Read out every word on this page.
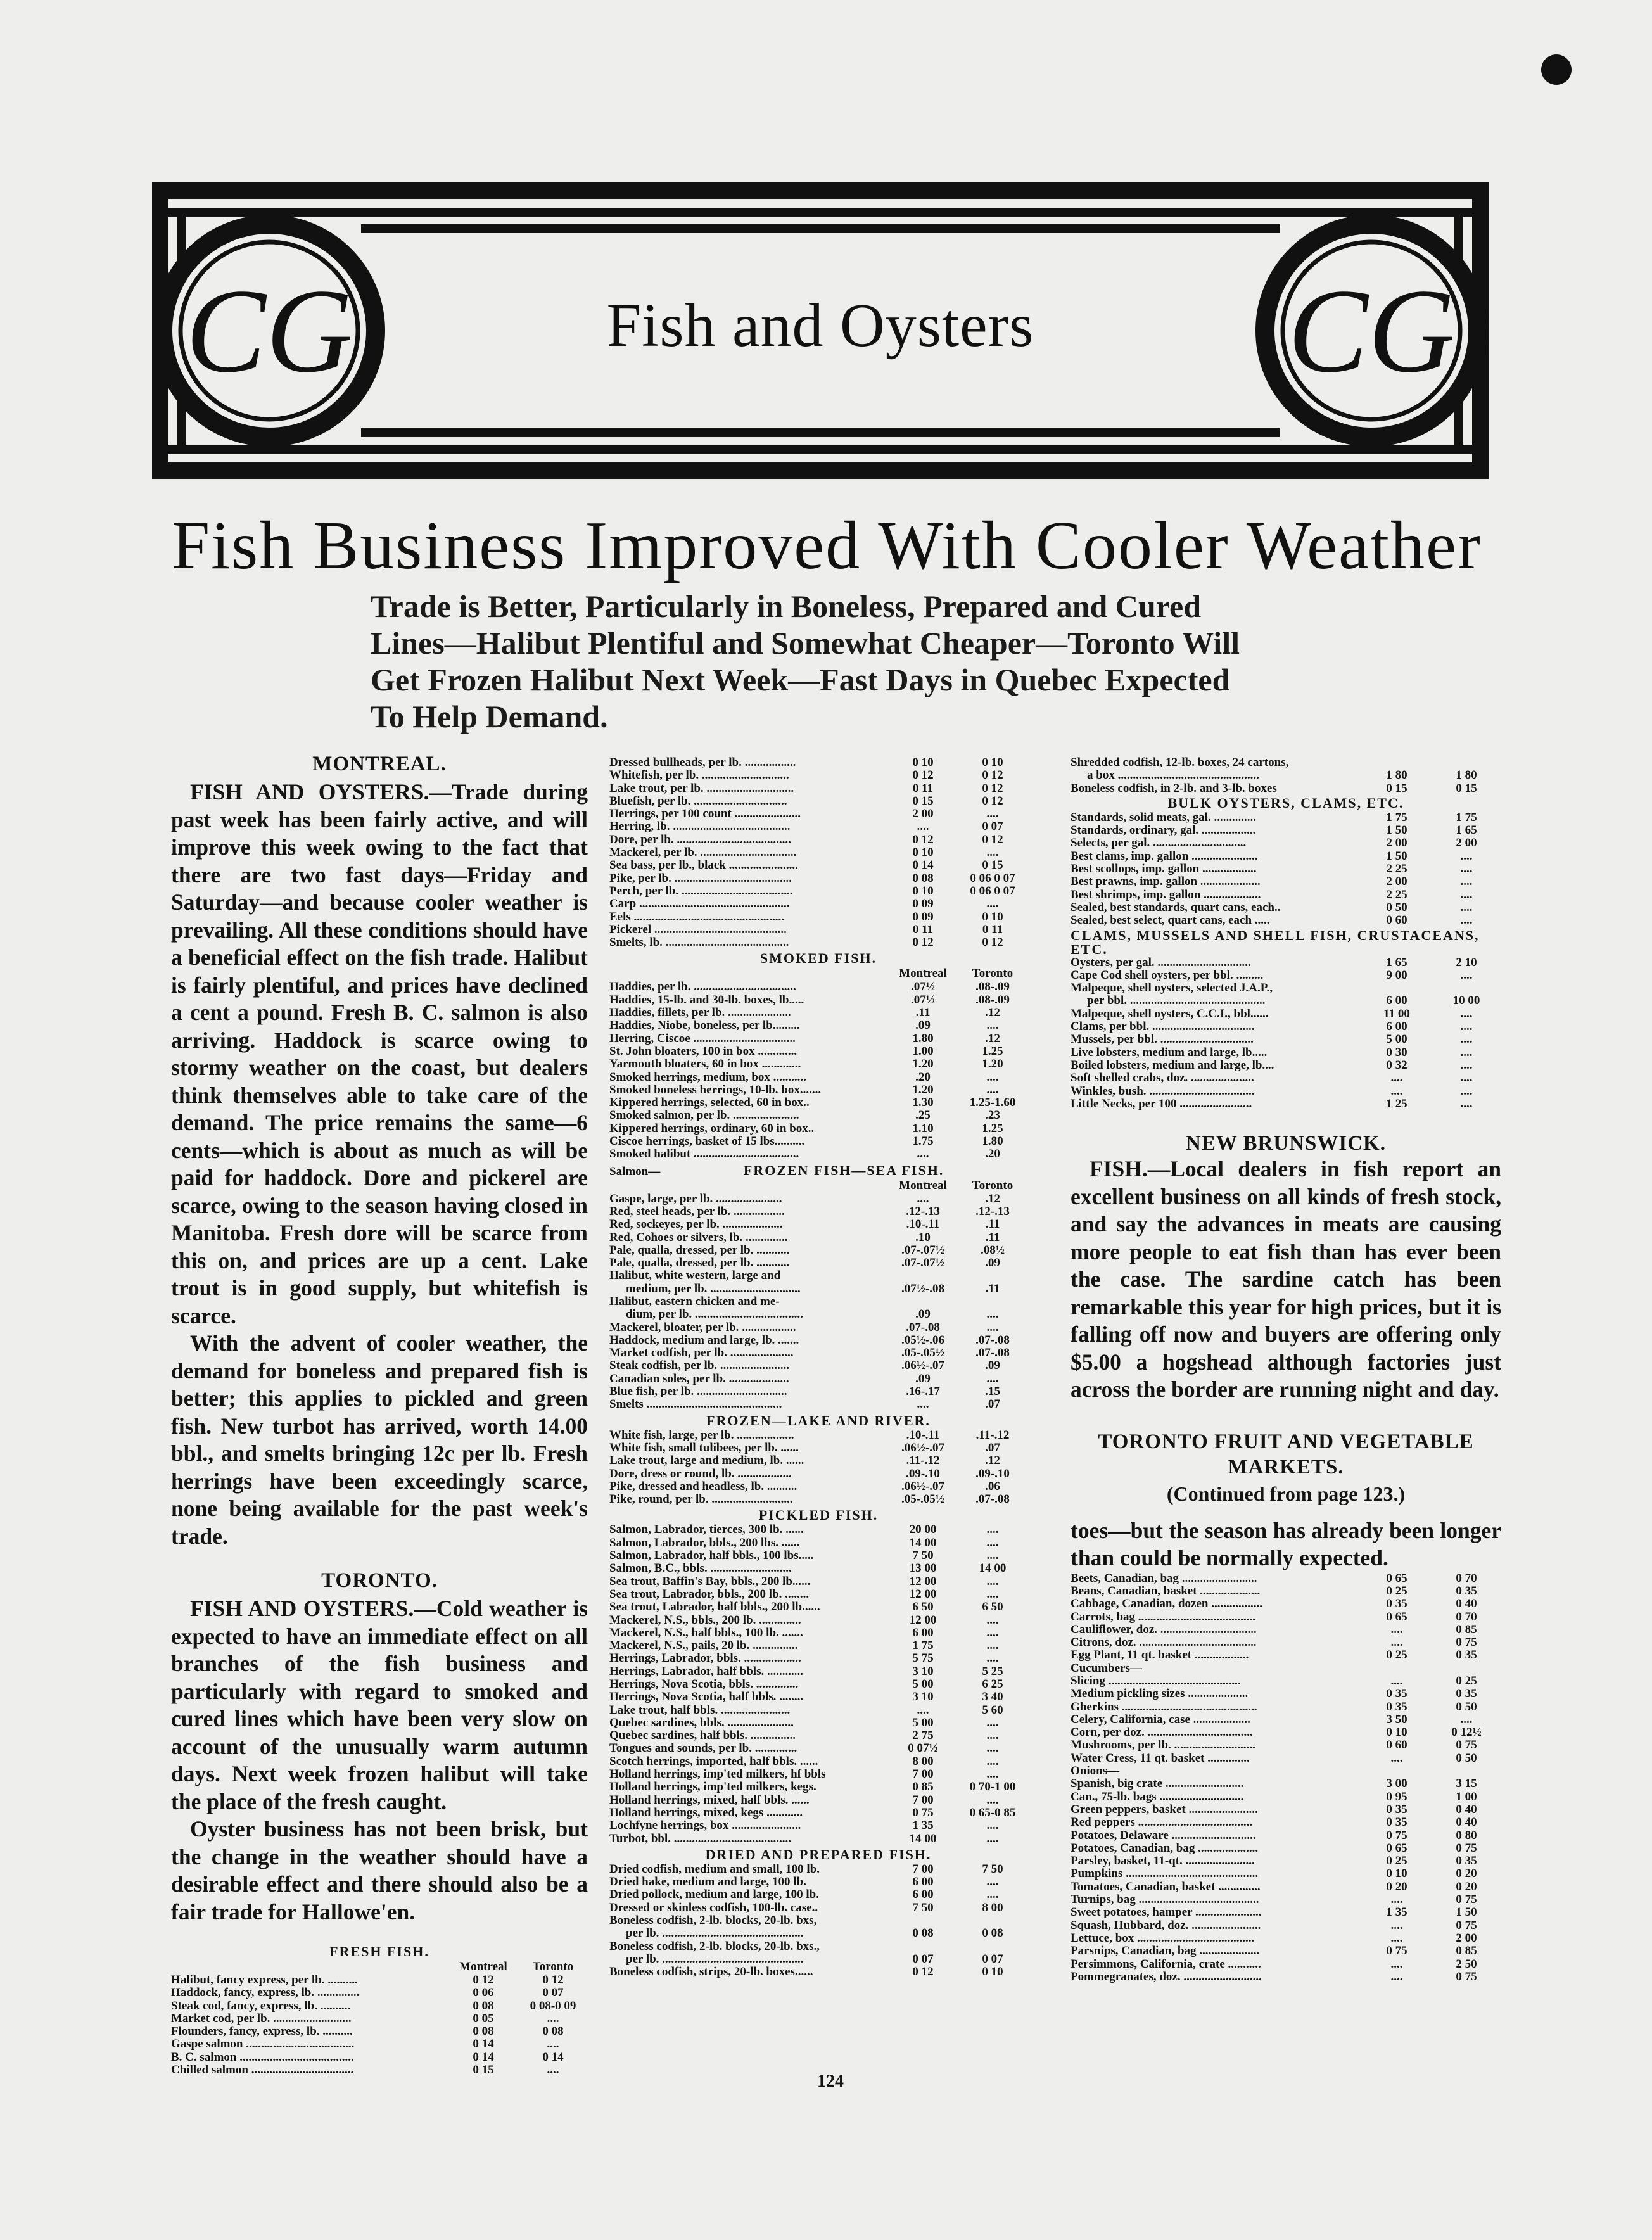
CG	CG
Fish and Oysters
Fish Business Improved With Cooler Weather
Trade is Better, Particularly in Boneless, Prepared and Cured
Lines—Halibut Plentiful and Somewhat Cheaper—Toronto Will
Get Frozen Halibut Next Week—Fast Days in Quebec Expected
To Help Demand.
MONTREAL.

FISH AND OYSTERS.—Trade during past week has been fairly active, and will improve this week owing to the fact that there are two fast days—Friday and Saturday—and because cooler weather is prevailing. All these conditions should have a beneficial effect on the fish trade. Halibut is fairly plentiful, and prices have declined a cent a pound. Fresh B. C. salmon is also arriving. Haddock is scarce owing to stormy weather on the coast, but dealers think themselves able to take care of the demand. The price remains the same—6 cents—which is about as much as will be paid for haddock. Dore and pickerel are scarce, owing to the season having closed in Manitoba. Fresh dore will be scarce from this on, and prices are up a cent. Lake trout is in good supply, but whitefish is scarce.

With the advent of cooler weather, the demand for boneless and prepared fish is better; this applies to pickled and green fish. New turbot has arrived, worth 14.00 bbl., and smelts bringing 12c per lb. Fresh herrings have been exceedingly scarce, none being available for the past week's trade.

TORONTO.

FISH AND OYSTERS.—Cold weather is expected to have an immediate effect on all branches of the fish business and particularly with regard to smoked and cured lines which have been very slow on account of the unusually warm autumn days. Next week frozen halibut will take the place of the fresh caught.

Oyster business has not been brisk, but the change in the weather should have a desirable effect and there should also be a fair trade for Hallowe'en.

FRESH FISH.
Montreal	Toronto
Halibut, fancy express, per lb. ..........	0 12	0 12
Haddock, fancy, express, lb. ..............	0 06	0 07
Steak cod, fancy, express, lb. ..........	0 08	0 08-0 09
Market cod, per lb. ..........................	0 05	....
Flounders, fancy, express, lb. ..........	0 08	0 08
Gaspe salmon ....................................	0 14	....
B. C. salmon ......................................	0 14	0 14
Chilled salmon ..................................	0 15	....
Dressed bullheads, per lb. .................	0 10	0 10
Whitefish, per lb. .............................	0 12	0 12
Lake trout, per lb. .............................	0 11	0 12
Bluefish, per lb. ...............................	0 15	0 12
Herrings, per 100 count ......................	2 00	....
Herring, lb. .......................................	....	0 07
Dore, per lb. ......................................	0 12	0 12
Mackerel, per lb. ................................	0 10	....
Sea bass, per lb., black .......................	0 14	0 15
Pike, per lb. .......................................	0 08	0 06 0 07
Perch, per lb. .....................................	0 10	0 06 0 07
Carp ..................................................	0 09	....
Eels ..................................................	0 09	0 10
Pickerel ............................................	0 11	0 11
Smelts, lb. .........................................	0 12	0 12
SMOKED FISH.
Montreal	Toronto
Haddies, per lb. ..................................	.07½	.08-.09
Haddies, 15-lb. and 30-lb. boxes, lb.....	.07½	.08-.09
Haddies, fillets, per lb. .....................	.11	.12
Haddies, Niobe, boneless, per lb.........	.09	....
Herring, Ciscoe ..................................	1.80	.12
St. John bloaters, 100 in box .............	1.00	1.25
Yarmouth bloaters, 60 in box .............	1.20	1.20
Smoked herrings, medium, box ...........	.20	....
Smoked boneless herrings, 10-lb. box.......	1.20	....
Kippered herrings, selected, 60 in box..	1.30	1.25-1.60
Smoked salmon, per lb. ......................	.25	.23
Kippered herrings, ordinary, 60 in box..	1.10	1.25
Ciscoe herrings, basket of 15 lbs..........	1.75	1.80
Smoked halibut ...................................	....	.20
Salmon—	FROZEN FISH—SEA FISH.
Montreal	Toronto
Gaspe, large, per lb. ......................	....	.12
Red, steel heads, per lb. .................	.12-.13	.12-.13
Red, sockeyes, per lb. ....................	.10-.11	.11
Red, Cohoes or silvers, lb. ..............	.10	.11
Pale, qualla, dressed, per lb. ...........	.07-.07½	.08½
Pale, qualla, dressed, per lb. ...........	.07-.07½	.09
Halibut, white western, large and		
medium, per lb. ..............................	.07½-.08	.11
Halibut, eastern chicken and me-		
dium, per lb. ....................................	.09	....
Mackerel, bloater, per lb. ..................	.07-.08	....
Haddock, medium and large, lb. .......	.05½-.06	.07-.08
Market codfish, per lb. .....................	.05-.05½	.07-.08
Steak codfish, per lb. .......................	.06½-.07	.09
Canadian soles, per lb. ....................	.09	....
Blue fish, per lb. ..............................	.16-.17	.15
Smelts .............................................	....	.07
FROZEN—LAKE AND RIVER.
White fish, large, per lb. ...................	.10-.11	.11-.12
White fish, small tulibees, per lb. ......	.06½-.07	.07
Lake trout, large and medium, lb. ......	.11-.12	.12
Dore, dress or round, lb. ..................	.09-.10	.09-.10
Pike, dressed and headless, lb. ..........	.06½-.07	.06
Pike, round, per lb. ...........................	.05-.05½	.07-.08
PICKLED FISH.
Salmon, Labrador, tierces, 300 lb. ......	20 00	....
Salmon, Labrador, bbls., 200 lbs. ......	14 00	....
Salmon, Labrador, half bbls., 100 lbs.....	7 50	....
Salmon, B.C., bbls. ...........................	13 00	14 00
Sea trout, Baffin's Bay, bbls., 200 lb......	12 00	....
Sea trout, Labrador, bbls., 200 lb. ........	12 00	....
Sea trout, Labrador, half bbls., 200 lb......	6 50	6 50
Mackerel, N.S., bbls., 200 lb. ..............	12 00	....
Mackerel, N.S., half bbls., 100 lb. .......	6 00	....
Mackerel, N.S., pails, 20 lb. ...............	1 75	....
Herrings, Labrador, bbls. ...................	5 75	....
Herrings, Labrador, half bbls. ............	3 10	5 25
Herrings, Nova Scotia, bbls. ..............	5 00	6 25
Herrings, Nova Scotia, half bbls. ........	3 10	3 40
Lake trout, half bbls. .......................	....	5 60
Quebec sardines, bbls. ......................	5 00	....
Quebec sardines, half bbls. ...............	2 75	....
Tongues and sounds, per lb. ..............	0 07½	....
Scotch herrings, imported, half bbls. ......	8 00	....
Holland herrings, imp'ted milkers, hf bbls	7 00	....
Holland herrings, imp'ted milkers, kegs.	0 85	0 70-1 00
Holland herrings, mixed, half bbls. ......	7 00	....
Holland herrings, mixed, kegs ............	0 75	0 65-0 85
Lochfyne herrings, box .......................	1 35	....
Turbot, bbl. .......................................	14 00	....
DRIED AND PREPARED FISH.
Dried codfish, medium and small, 100 lb.	7 00	7 50
Dried hake, medium and large, 100 lb.	6 00	....
Dried pollock, medium and large, 100 lb.	6 00	....
Dressed or skinless codfish, 100-lb. case..	7 50	8 00
Boneless codfish, 2-lb. blocks, 20-lb. bxs,		
per lb. ...............................................	0 08	0 08
Boneless codfish, 2-lb. blocks, 20-lb. bxs.,		
per lb. ...............................................	0 07	0 07
Boneless codfish, strips, 20-lb. boxes......	0 12	0 10
Shredded codfish, 12-lb. boxes, 24 cartons,		
a box ...............................................	1 80	1 80
Boneless codfish, in 2-lb. and 3-lb. boxes	0 15	0 15
BULK OYSTERS, CLAMS, ETC.
Standards, solid meats, gal. ..............	1 75	1 75
Standards, ordinary, gal. ..................	1 50	1 65
Selects, per gal. ...............................	2 00	2 00
Best clams, imp. gallon ......................	1 50	....
Best scollops, imp. gallon ..................	2 25	....
Best prawns, imp. gallon ....................	2 00	....
Best shrimps, imp. gallon ...................	2 25	....
Sealed, best standards, quart cans, each..	0 50	....
Sealed, best select, quart cans, each .....	0 60	....
CLAMS, MUSSELS AND SHELL FISH, CRUSTACEANS, ETC.
Oysters, per gal. ...............................	1 65	2 10
Cape Cod shell oysters, per bbl. .........	9 00	....
Malpeque, shell oysters, selected J.A.P.,		
per bbl. .............................................	6 00	10 00
Malpeque, shell oysters, C.C.I., bbl......	11 00	....
Clams, per bbl. ..................................	6 00	....
Mussels, per bbl. ...............................	5 00	....
Live lobsters, medium and large, lb.....	0 30	....
Boiled lobsters, medium and large, lb....	0 32	....
Soft shelled crabs, doz. .....................	....	....
Winkles, bush. ...................................	....	....
Little Necks, per 100 ........................	1 25	....
NEW BRUNSWICK.

FISH.—Local dealers in fish report an excellent business on all kinds of fresh stock, and say the advances in meats are causing more people to eat fish than has ever been the case. The sardine catch has been remarkable this year for high prices, but it is falling off now and buyers are offering only $5.00 a hogshead although factories just across the border are running night and day.

TORONTO FRUIT AND VEGETABLE MARKETS.
(Continued from page 123.)

toes—but the season has already been longer than could be normally expected.

Beets, Canadian, bag .........................	0 65	0 70
Beans, Canadian, basket ....................	0 25	0 35
Cabbage, Canadian, dozen .................	0 35	0 40
Carrots, bag .......................................	0 65	0 70
Cauliflower, doz. ................................	....	0 85
Citrons, doz. .......................................	....	0 75
Egg Plant, 11 qt. basket ..................	0 25	0 35
Cucumbers—		
Slicing ............................................	....	0 25
Medium pickling sizes ....................	0 35	0 35
Gherkins .............................................	0 35	0 50
Celery, California, case ...................	3 50	....
Corn, per doz. ...................................	0 10	0 12½
Mushrooms, per lb. ...........................	0 60	0 75
Water Cress, 11 qt. basket ..............	....	0 50
Onions—		
Spanish, big crate ..........................	3 00	3 15
Can., 75-lb. bags ............................	0 95	1 00
Green peppers, basket .......................	0 35	0 40
Red peppers ......................................	0 35	0 40
Potatoes, Delaware ............................	0 75	0 80
Potatoes, Canadian, bag ....................	0 65	0 75
Parsley, basket, 11-qt. .......................	0 25	0 35
Pumpkins ............................................	0 10	0 20
Tomatoes, Canadian, basket ..............	0 20	0 20
Turnips, bag ........................................	....	0 75
Sweet potatoes, hamper ......................	1 35	1 50
Squash, Hubbard, doz. .......................	....	0 75
Lettuce, box .......................................	....	2 00
Parsnips, Canadian, bag ....................	0 75	0 85
Persimmons, California, crate ...........	....	2 50
Pommegranates, doz. ..........................	....	0 75
124
